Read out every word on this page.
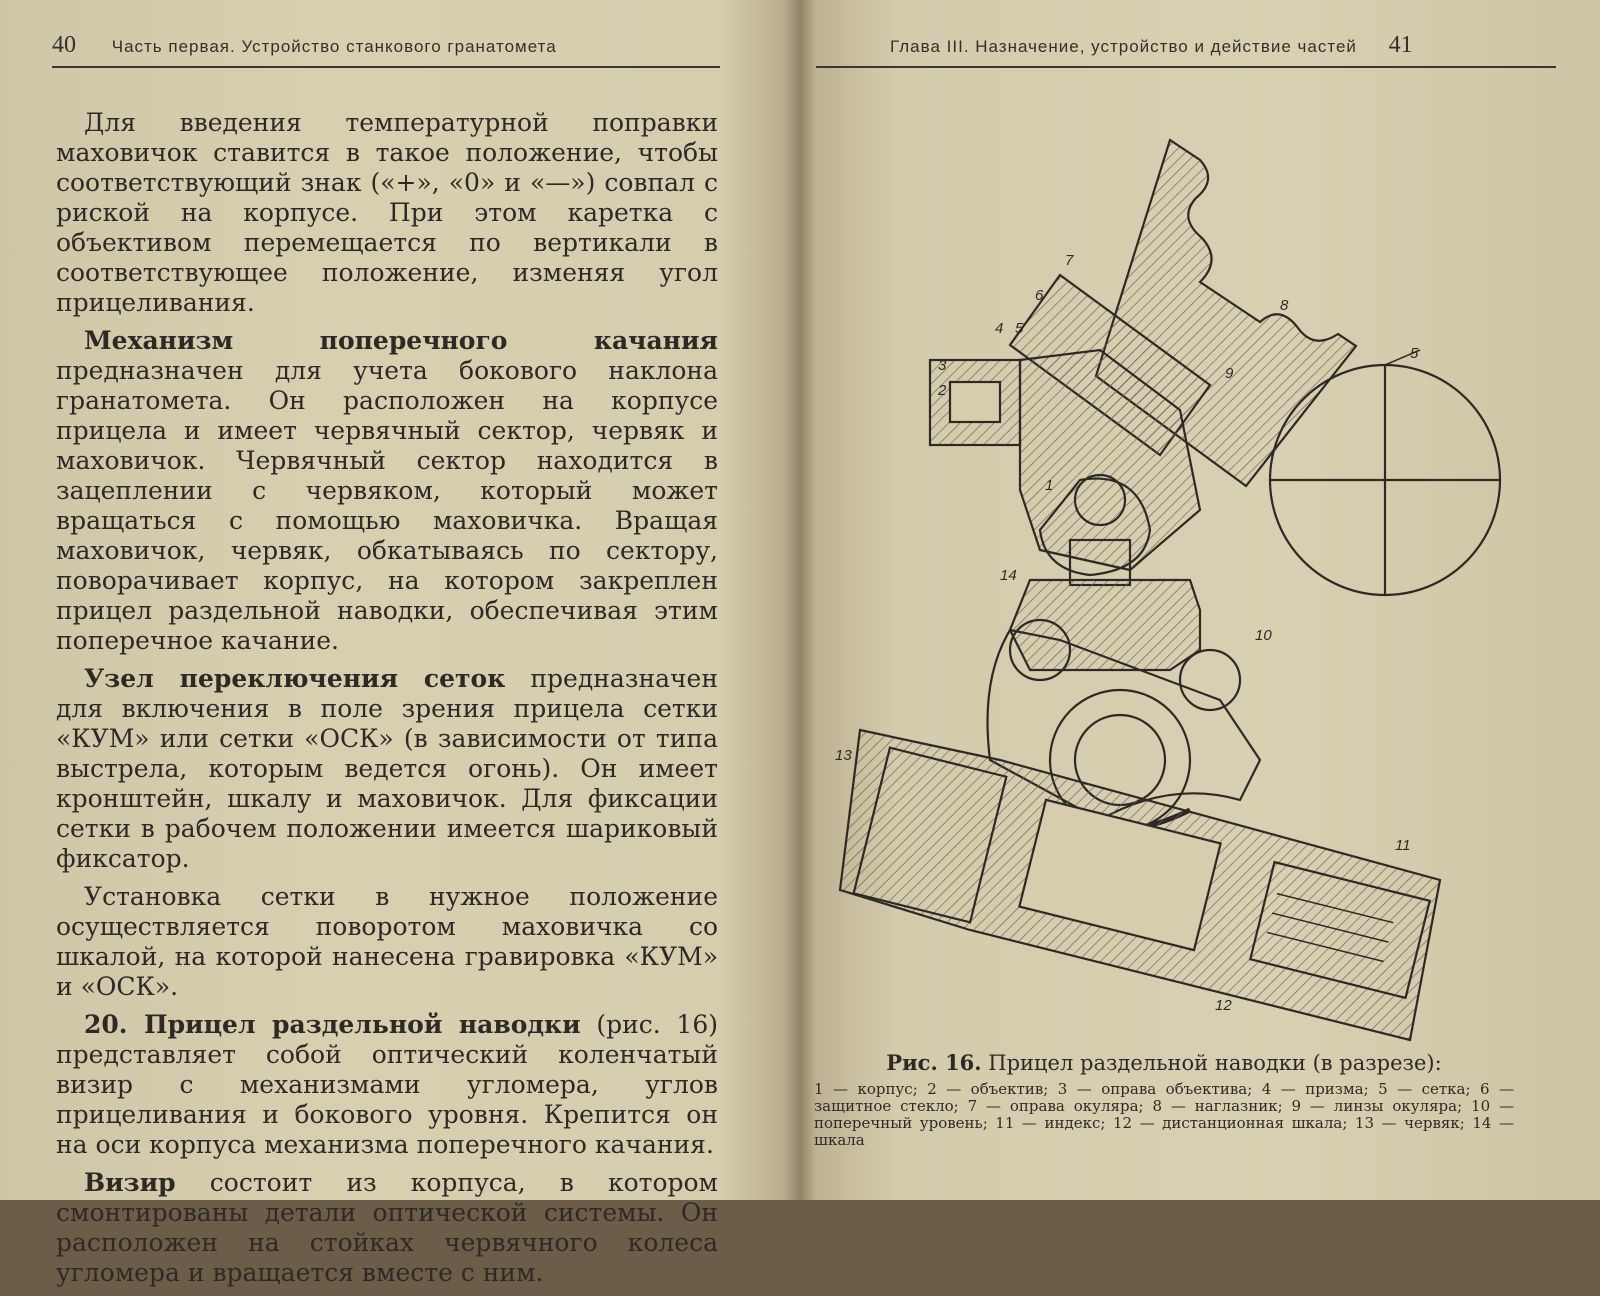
40 Часть первая. Устройство станкового гранатомета

Для введения температурной поправки маховичок ставится в такое положение, чтобы соответствующий знак («+», «0» и «—») совпал с риской на корпусе. При этом каретка с объективом перемещается по вертикали в соответствующее положение, изменяя угол прицеливания.

Механизм поперечного качания предназначен для учета бокового наклона гранатомета. Он расположен на корпусе прицела и имеет червячный сектор, червяк и маховичок. Червячный сектор находится в зацеплении с червяком, который может вращаться с помощью маховичка. Вращая маховичок, червяк, обкатываясь по сектору, поворачивает корпус, на котором закреплен прицел раздельной наводки, обеспечивая этим поперечное качание.

Узел переключения сеток предназначен для включения в поле зрения прицела сетки «КУМ» или сетки «ОСК» (в зависимости от типа выстрела, которым ведется огонь). Он имеет кронштейн, шкалу и маховичок. Для фиксации сетки в рабочем положении имеется шариковый фиксатор.

Установка сетки в нужное положение осуществляется поворотом маховичка со шкалой, на которой нанесена гравировка «КУМ» и «ОСК».

20. Прицел раздельной наводки (рис. 16) представляет собой оптический коленчатый визир с механизмами угломера, углов прицеливания и бокового уровня. Крепится он на оси корпуса механизма поперечного качания.

Визир состоит из корпуса, в котором смонтированы детали оптической системы. Он расположен на стойках червячного колеса угломера и вращается вместе с ним.

Глава III. Назначение, устройство и действие частей 41
1
2
3
4 5
6
7
8
9
10
11
12
13
14
5
Рис. 16. Прицел раздельной наводки (в разрезе):
1 — корпус; 2 — объектив; 3 — оправа объектива; 4 — призма; 5 — сетка; 6 — защитное стекло; 7 — оправа окуляра; 8 — наглазник; 9 — линзы окуляра; 10 — поперечный уровень; 11 — индекс; 12 — дистанционная шкала; 13 — червяк; 14 — шкала
